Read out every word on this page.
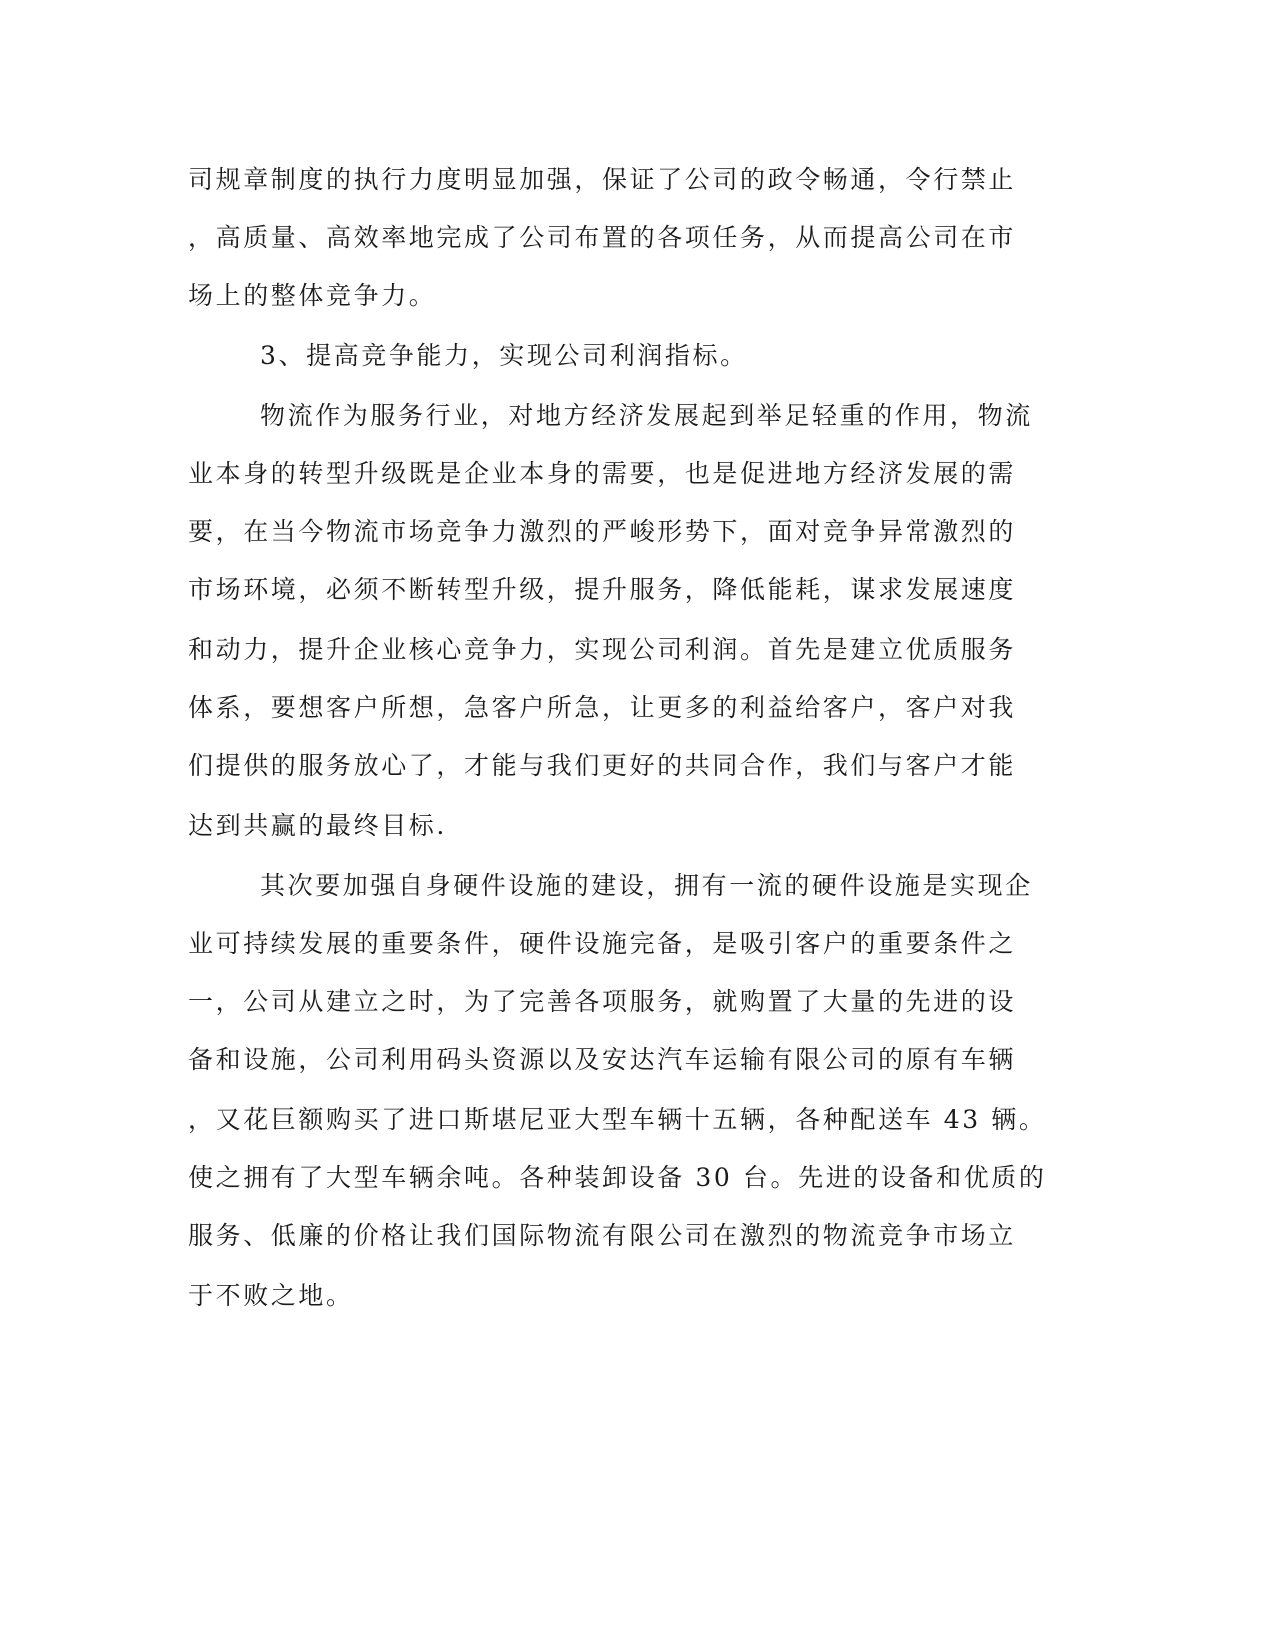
司规章制度的执行力度明显加强，保证了公司的政令畅通，令行禁止
，高质量、高效率地完成了公司布置的各项任务，从而提高公司在市
场上的整体竞争力。
3、提高竞争能力，实现公司利润指标。
物流作为服务行业，对地方经济发展起到举足轻重的作用，物流
业本身的转型升级既是企业本身的需要，也是促进地方经济发展的需
要，在当今物流市场竞争力激烈的严峻形势下，面对竞争异常激烈的
市场环境，必须不断转型升级，提升服务，降低能耗，谋求发展速度
和动力，提升企业核心竞争力，实现公司利润。首先是建立优质服务
体系，要想客户所想，急客户所急，让更多的利益给客户，客户对我
们提供的服务放心了，才能与我们更好的共同合作，我们与客户才能
达到共赢的最终目标.
其次要加强自身硬件设施的建设，拥有一流的硬件设施是实现企
业可持续发展的重要条件，硬件设施完备，是吸引客户的重要条件之
一，公司从建立之时，为了完善各项服务，就购置了大量的先进的设
备和设施，公司利用码头资源以及安达汽车运输有限公司的原有车辆
，又花巨额购买了进口斯堪尼亚大型车辆十五辆，各种配送车 43 辆。
使之拥有了大型车辆余吨。各种装卸设备 30 台。先进的设备和优质的
服务、低廉的价格让我们国际物流有限公司在激烈的物流竞争市场立
于不败之地。
